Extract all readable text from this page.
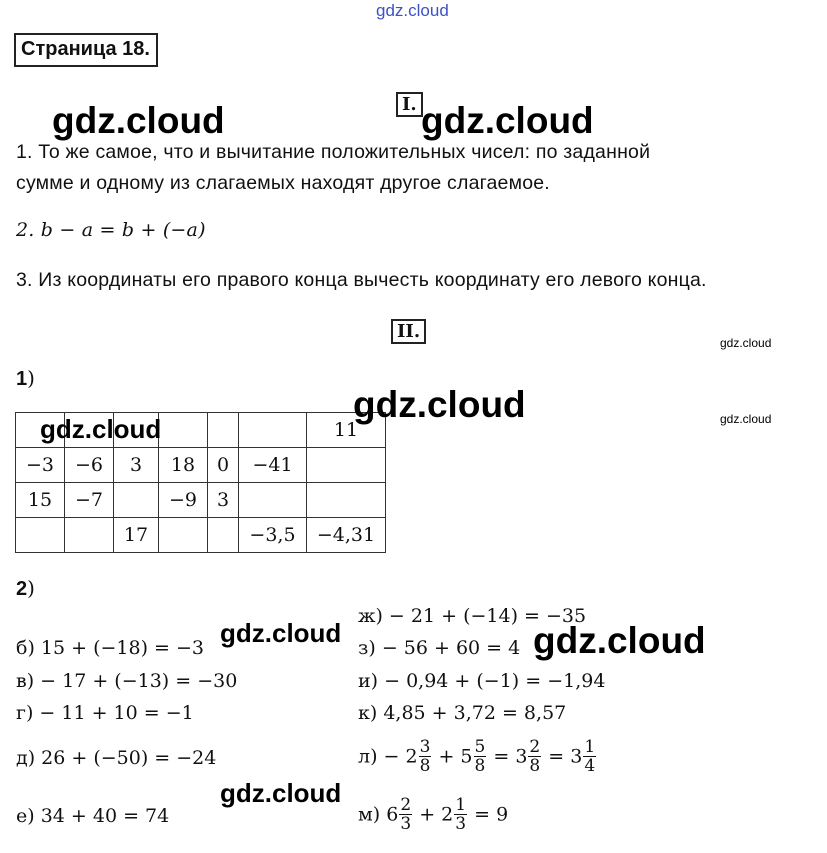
gdz.cloud
Страница 18.
I.
gdz.cloud	gdz.cloud
1. То же самое, что и вычитание положительных чисел: по заданной
сумме и одному из слагаемых находят другое слагаемое.
2. b − a = b + (−a)
3. Из координаты его правого конца вычесть координату его левого конца.
II.
gdz.cloud
gdz.cloud
1)
						11
−3	−6	3	18	0	−41	
15	−7		−9	3		
		17			−3,5	−4,31
gdz.cloud
gdz.cloud
2)
б) 15 + (−18) = −3
в) − 17 + (−13) = −30
г) − 11 + 10 = −1
д) 26 + (−50) = −24
е) 34 + 40 = 74
gdz.cloud
gdz.cloud
ж) − 21 + (−14) = −35
з) − 56 + 60 = 4 gdz.cloud
и) − 0,94 + (−1) = −1,94
к) 4,85 + 3,72 = 8,57
$л) - 2 \frac{3}{8} + 5 \frac{5}{8} = 3 \frac{2}{8} = 3 \frac{1}{4}$
м) $6 \frac{2}{3} + 2 \frac{1}{3} = 9$
